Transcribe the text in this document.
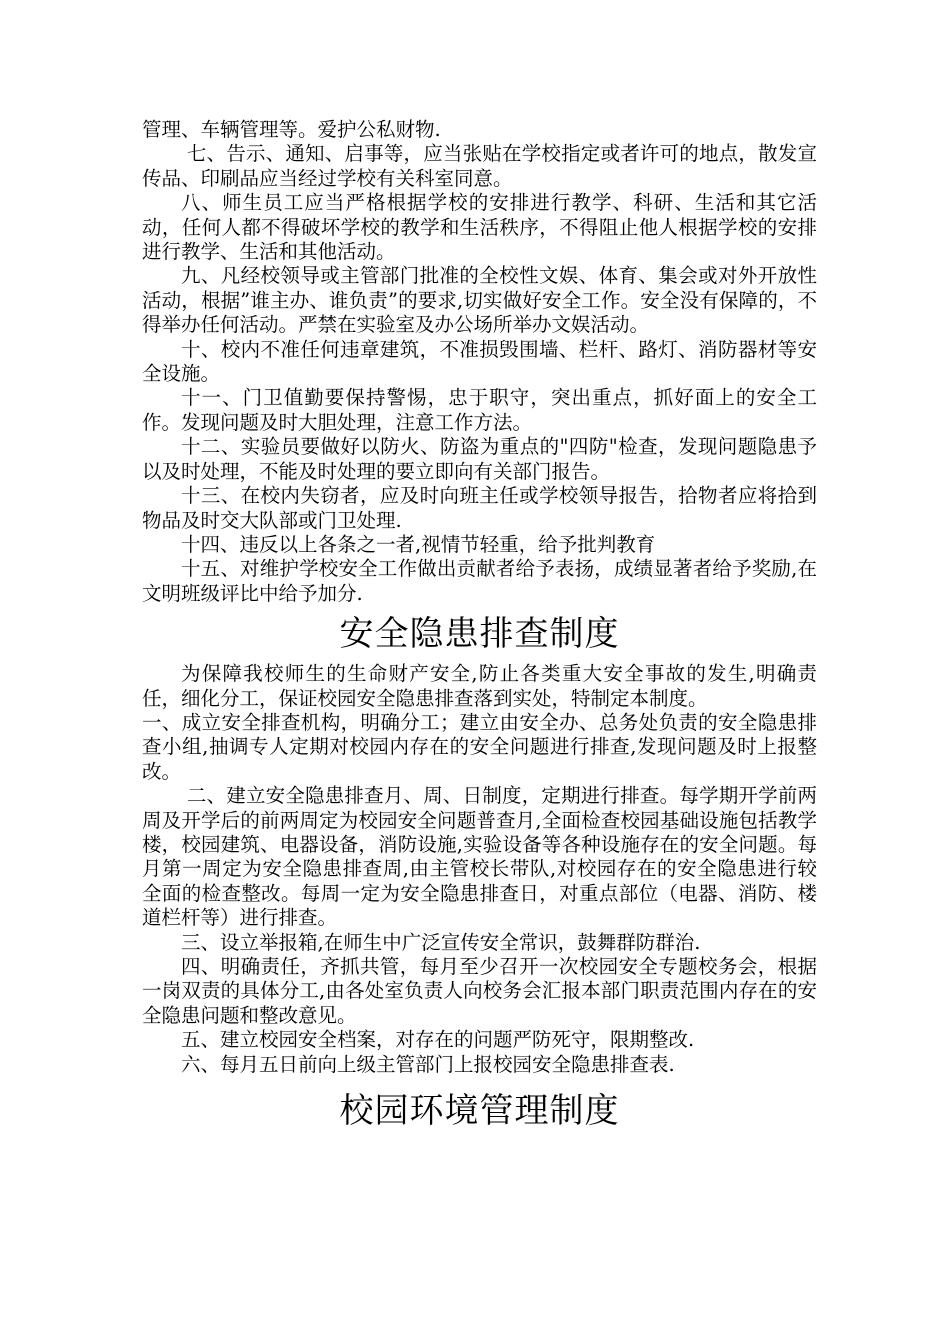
管理、车辆管理等。爱护公私财物.

七、告示、通知、启事等，应当张贴在学校指定或者许可的地点，散发宣传品、印刷品应当经过学校有关科室同意。

八、师生员工应当严格根据学校的安排进行教学、科研、生活和其它活动，任何人都不得破坏学校的教学和生活秩序，不得阻止他人根据学校的安排进行教学、生活和其他活动。

九、凡经校领导或主管部门批准的全校性文娱、体育、集会或对外开放性活动，根据”谁主办、谁负责”的要求,切实做好安全工作。安全没有保障的，不得举办任何活动。严禁在实验室及办公场所举办文娱活动。

十、校内不准任何违章建筑，不准损毁围墙、栏杆、路灯、消防器材等安全设施。

十一、门卫值勤要保持警惕，忠于职守，突出重点，抓好面上的安全工作。发现问题及时大胆处理，注意工作方法。

十二、实验员要做好以防火、防盗为重点的"四防"检查，发现问题隐患予以及时处理，不能及时处理的要立即向有关部门报告。

十三、在校内失窃者，应及时向班主任或学校领导报告，拾物者应将拾到物品及时交大队部或门卫处理.

十四、违反以上各条之一者,视情节轻重，给予批判教育

十五、对维护学校安全工作做出贡献者给予表扬，成绩显著者给予奖励,在文明班级评比中给予加分.

安全隐患排查制度

为保障我校师生的生命财产安全,防止各类重大安全事故的发生,明确责任，细化分工，保证校园安全隐患排查落到实处，特制定本制度。

一、成立安全排查机构，明确分工；建立由安全办、总务处负责的安全隐患排查小组,抽调专人定期对校园内存在的安全问题进行排查,发现问题及时上报整改。

二、建立安全隐患排查月、周、日制度，定期进行排查。每学期开学前两周及开学后的前两周定为校园安全问题普查月,全面检查校园基础设施包括教学楼，校园建筑、电器设备，消防设施,实验设备等各种设施存在的安全问题。每月第一周定为安全隐患排查周,由主管校长带队,对校园存在的安全隐患进行较全面的检查整改。每周一定为安全隐患排查日，对重点部位（电器、消防、楼道栏杆等）进行排查。

三、设立举报箱,在师生中广泛宣传安全常识，鼓舞群防群治.

四、明确责任，齐抓共管，每月至少召开一次校园安全专题校务会，根据一岗双责的具体分工,由各处室负责人向校务会汇报本部门职责范围内存在的安全隐患问题和整改意见。

五、建立校园安全档案，对存在的问题严防死守，限期整改.

六、每月五日前向上级主管部门上报校园安全隐患排查表.

校园环境管理制度
